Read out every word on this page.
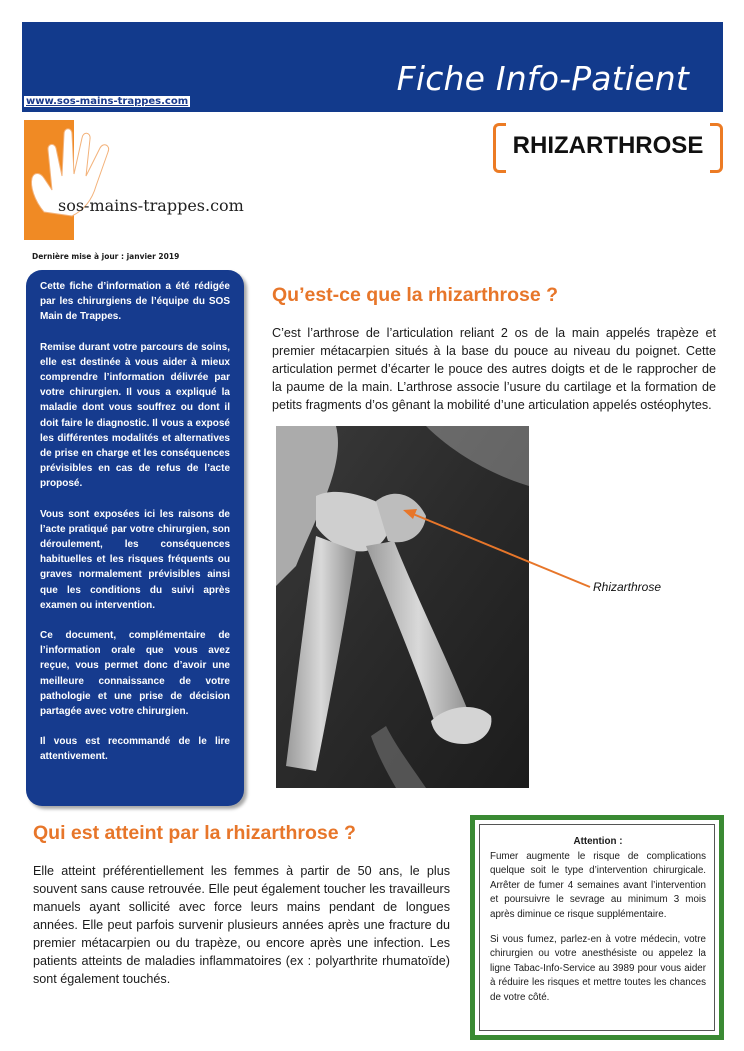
Fiche Info-Patient
www.sos-mains-trappes.com
sos-mains-trappes.com
RHIZARTHROSE
Dernière mise à jour : janvier 2019

Cette fiche d’information a été rédigée par les chirurgiens de l’équipe du SOS Main de Trappes.

Remise durant votre parcours de soins, elle est destinée à vous aider à mieux comprendre l’information délivrée par votre chirurgien. Il vous a expliqué la maladie dont vous souffrez ou dont il doit faire le diagnostic. Il vous a exposé les différentes modalités et alternatives de prise en charge et les conséquences prévisibles en cas de refus de l’acte proposé.

Vous sont exposées ici les raisons de l’acte pratiqué par votre chirurgien, son déroulement, les conséquences habituelles et les risques fréquents ou graves normalement prévisibles ainsi que les conditions du suivi après examen ou intervention.

Ce document, complémentaire de l’information orale que vous avez reçue, vous permet donc d’avoir une meilleure connaissance de votre pathologie et une prise de décision partagée avec votre chirurgien.

Il vous est recommandé de le lire attentivement.

Qu’est-ce que la rhizarthrose ?
C’est l’arthrose de l’articulation reliant 2 os de la main appelés trapèze et premier métacarpien situés à la base du pouce au niveau du poignet. Cette articulation permet d’écarter le pouce des autres doigts et de le rapprocher de la paume de la main. L’arthrose associe l’usure du cartilage et la formation de petits fragments d’os gênant la mobilité d’une articulation appelés ostéophytes.
Rhizarthrose
Qui est atteint par la rhizarthrose ?
Elle atteint préférentiellement les femmes à partir de 50 ans, le plus souvent sans cause retrouvée. Elle peut également toucher les travailleurs manuels ayant sollicité avec force leurs mains pendant de longues années. Elle peut parfois survenir plusieurs années après une fracture du premier métacarpien ou du trapèze, ou encore après une infection. Les patients atteints de maladies inflammatoires (ex : polyarthrite rhumatoïde) sont également touchés.
Attention :

Fumer augmente le risque de complications quelque soit le type d’intervention chirurgicale. Arrêter de fumer 4 semaines avant l’intervention et poursuivre le sevrage au minimum 3 mois après diminue ce risque supplémentaire.

Si vous fumez, parlez-en à votre médecin, votre chirurgien ou votre anesthésiste ou appelez la ligne Tabac-Info-Service au 3989 pour vous aider à réduire les risques et mettre toutes les chances de votre côté.
